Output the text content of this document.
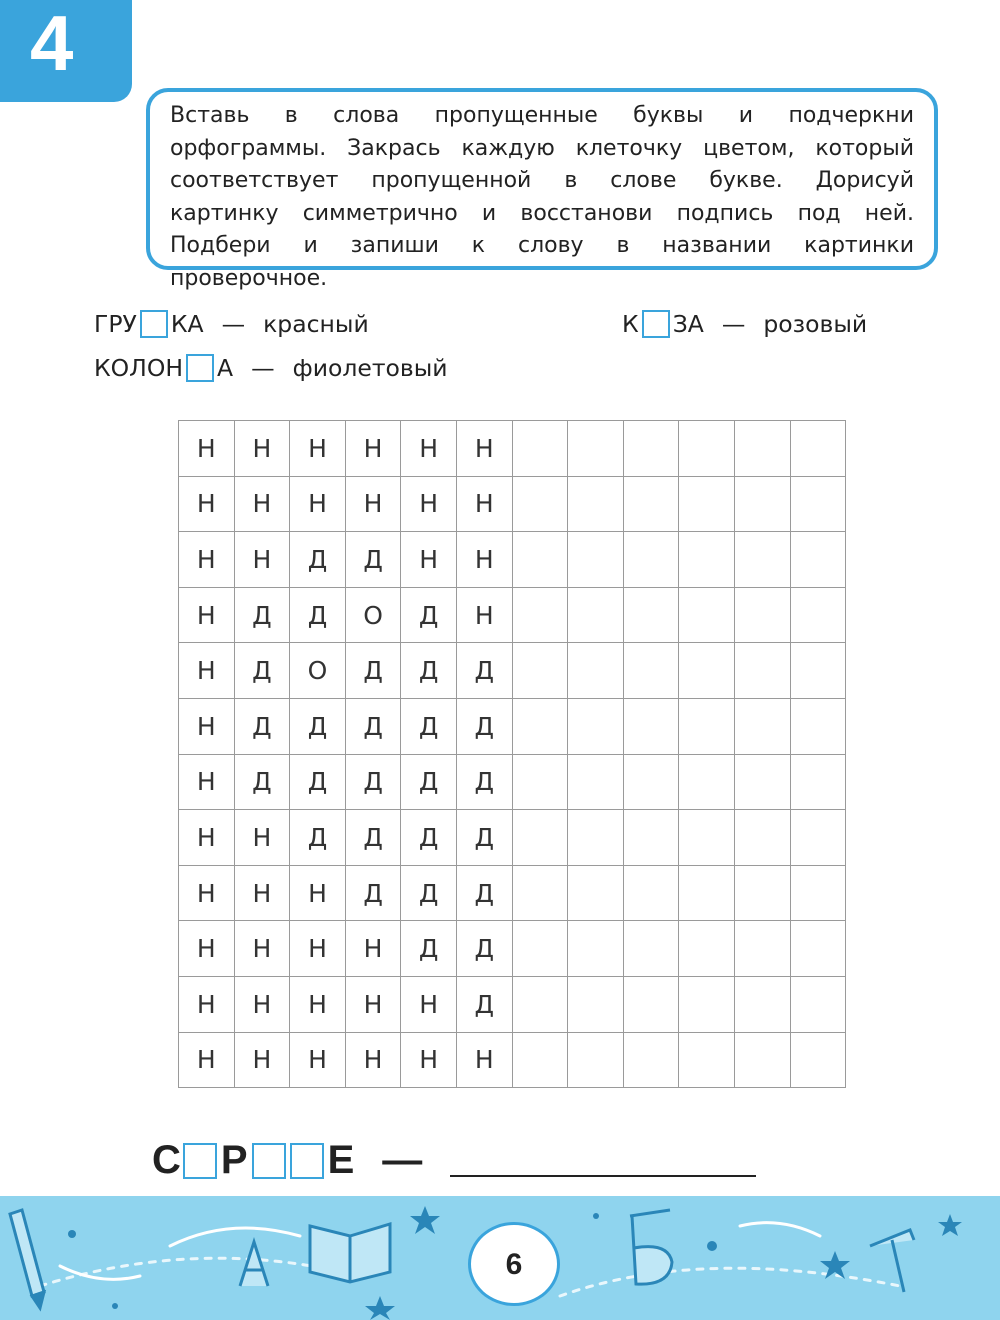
4
Вставь в слова пропущенные буквы и подчеркни орфограммы. Закрась каждую клеточку цветом, который соответствует пропущенной в слове букве. Дорисуй картинку симметрично и восстанови подпись под ней. Подбери и запиши к слову в названии картинки проверочное.
ГРУ КА — красный	К ЗА — розовый
КОЛОН А — фиолетовый
Н	Н	Н	Н	Н	Н						
Н	Н	Н	Н	Н	Н						
Н	Н	Д	Д	Н	Н						
Н	Д	Д	О	Д	Н						
Н	Д	О	Д	Д	Д						
Н	Д	Д	Д	Д	Д						
Н	Д	Д	Д	Д	Д						
Н	Н	Д	Д	Д	Д						
Н	Н	Н	Д	Д	Д						
Н	Н	Н	Н	Д	Д						
Н	Н	Н	Н	Н	Д						
Н	Н	Н	Н	Н	Н						
С Р Е —
6
